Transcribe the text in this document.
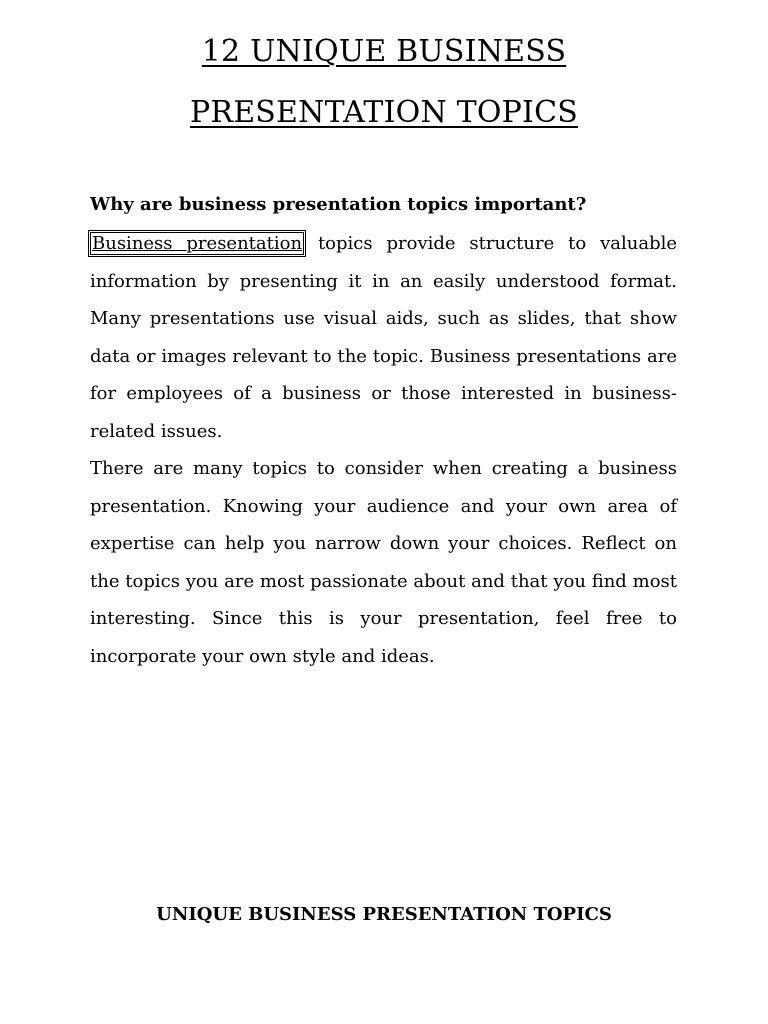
12 UNIQUE BUSINESS
PRESENTATION TOPICS
Why are business presentation topics important?

Business presentation topics provide structure to valuable information by presenting it in an easily understood format. Many presentations use visual aids, such as slides, that show data or images relevant to the topic. Business presentations are for employees of a business or those interested in business-related issues.

There are many topics to consider when creating a business presentation. Knowing your audience and your own area of expertise can help you narrow down your choices. Reflect on the topics you are most passionate about and that you find most interesting. Since this is your presentation, feel free to incorporate your own style and ideas.

UNIQUE BUSINESS PRESENTATION TOPICS
